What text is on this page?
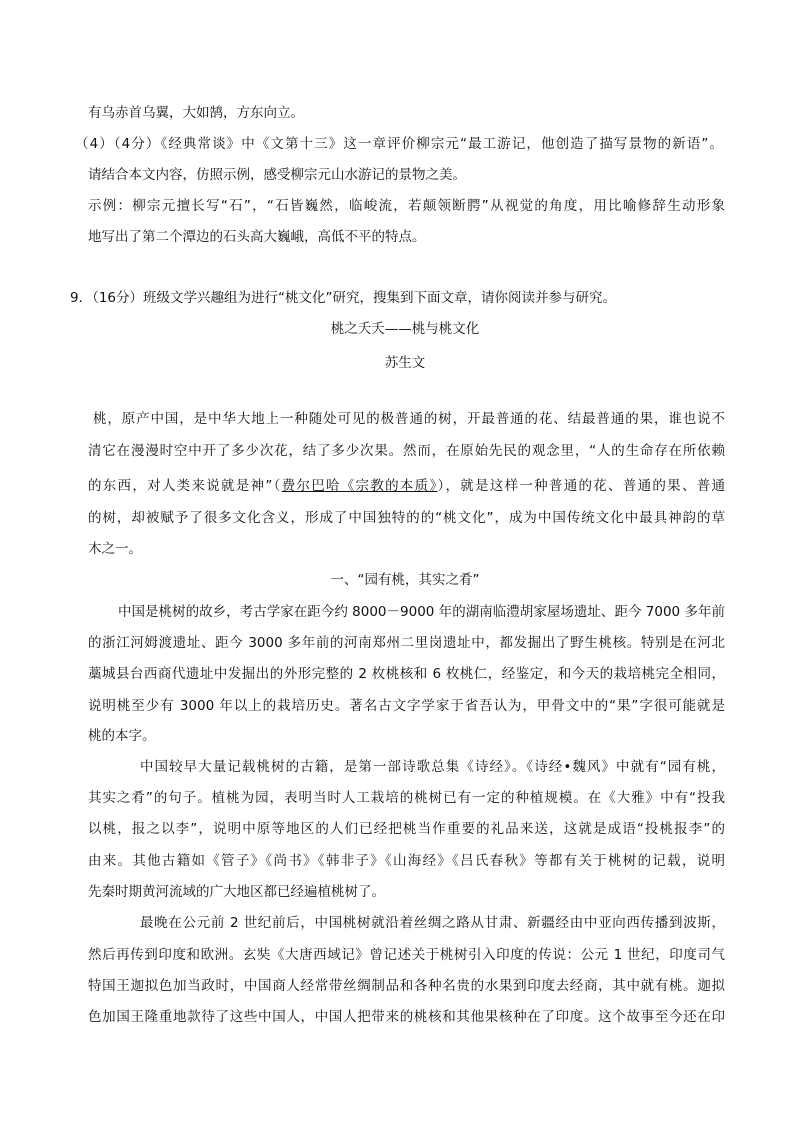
有乌赤首乌翼，大如鹄，方东向立。
（4）（4分）《经典常谈》中《文第十三》这一章评价柳宗元“最工游记，他创造了描写景物的新语”。
请结合本文内容，仿照示例，感受柳宗元山水游记的景物之美。
示例：柳宗元擅长写“石”，“石皆巍然，临峻流，若颠领断腭”从视觉的角度，用比喻修辞生动形象
地写出了第二个潭边的石头高大巍峨，高低不平的特点。
9．（16分）班级文学兴趣组为进行“桃文化”研究，搜集到下面文章，请你阅读并参与研究。
桃之夭夭——桃与桃文化
苏生文
桃，原产中国，是中华大地上一种随处可见的极普通的树，开最普通的花、结最普通的果，谁也说不
清它在漫漫时空中开了多少次花，结了多少次果。然而，在原始先民的观念里，“人的生命存在所依赖
的东西，对人类来说就是神”（费尔巴哈《宗教的本质》），就是这样一种普通的花、普通的果、普通
的树，却被赋予了很多文化含义，形成了中国独特的的“桃文化”，成为中国传统文化中最具神韵的草
木之一。
一、“园有桃，其实之肴”
中国是桃树的故乡，考古学家在距今约 8000－9000 年的湖南临澧胡家屋场遗址、距今 7000 多年前
的浙江河姆渡遗址、距今 3000 多年前的河南郑州二里岗遗址中，都发掘出了野生桃核。特别是在河北
藁城县台西商代遗址中发掘出的外形完整的 2 枚桃核和 6 枚桃仁，经鉴定，和今天的栽培桃完全相同，
说明桃至少有 3000 年以上的栽培历史。著名古文字学家于省吾认为，甲骨文中的“果”字很可能就是
桃的本字。
中国较早大量记载桃树的古籍，是第一部诗歌总集《诗经》。《诗经•魏风》中就有“园有桃，
其实之肴”的句子。植桃为园，表明当时人工栽培的桃树已有一定的种植规模。在《大雅》中有“投我
以桃，报之以李”，说明中原等地区的人们已经把桃当作重要的礼品来送，这就是成语“投桃报李”的
由来。其他古籍如《管子》《尚书》《韩非子》《山海经》《吕氏春秋》等都有关于桃树的记载，说明
先秦时期黄河流域的广大地区都已经遍植桃树了。
最晚在公元前 2 世纪前后，中国桃树就沿着丝绸之路从甘肃、新疆经由中亚向西传播到波斯，
然后再传到印度和欧洲。玄奘《大唐西域记》曾记述关于桃树引入印度的传说：公元 1 世纪，印度司气
特国王迦拟色加当政时，中国商人经常带丝绸制品和各种名贵的水果到印度去经商，其中就有桃。迦拟
色加国王隆重地款待了这些中国人，中国人把带来的桃核和其他果核种在了印度。这个故事至今还在印
